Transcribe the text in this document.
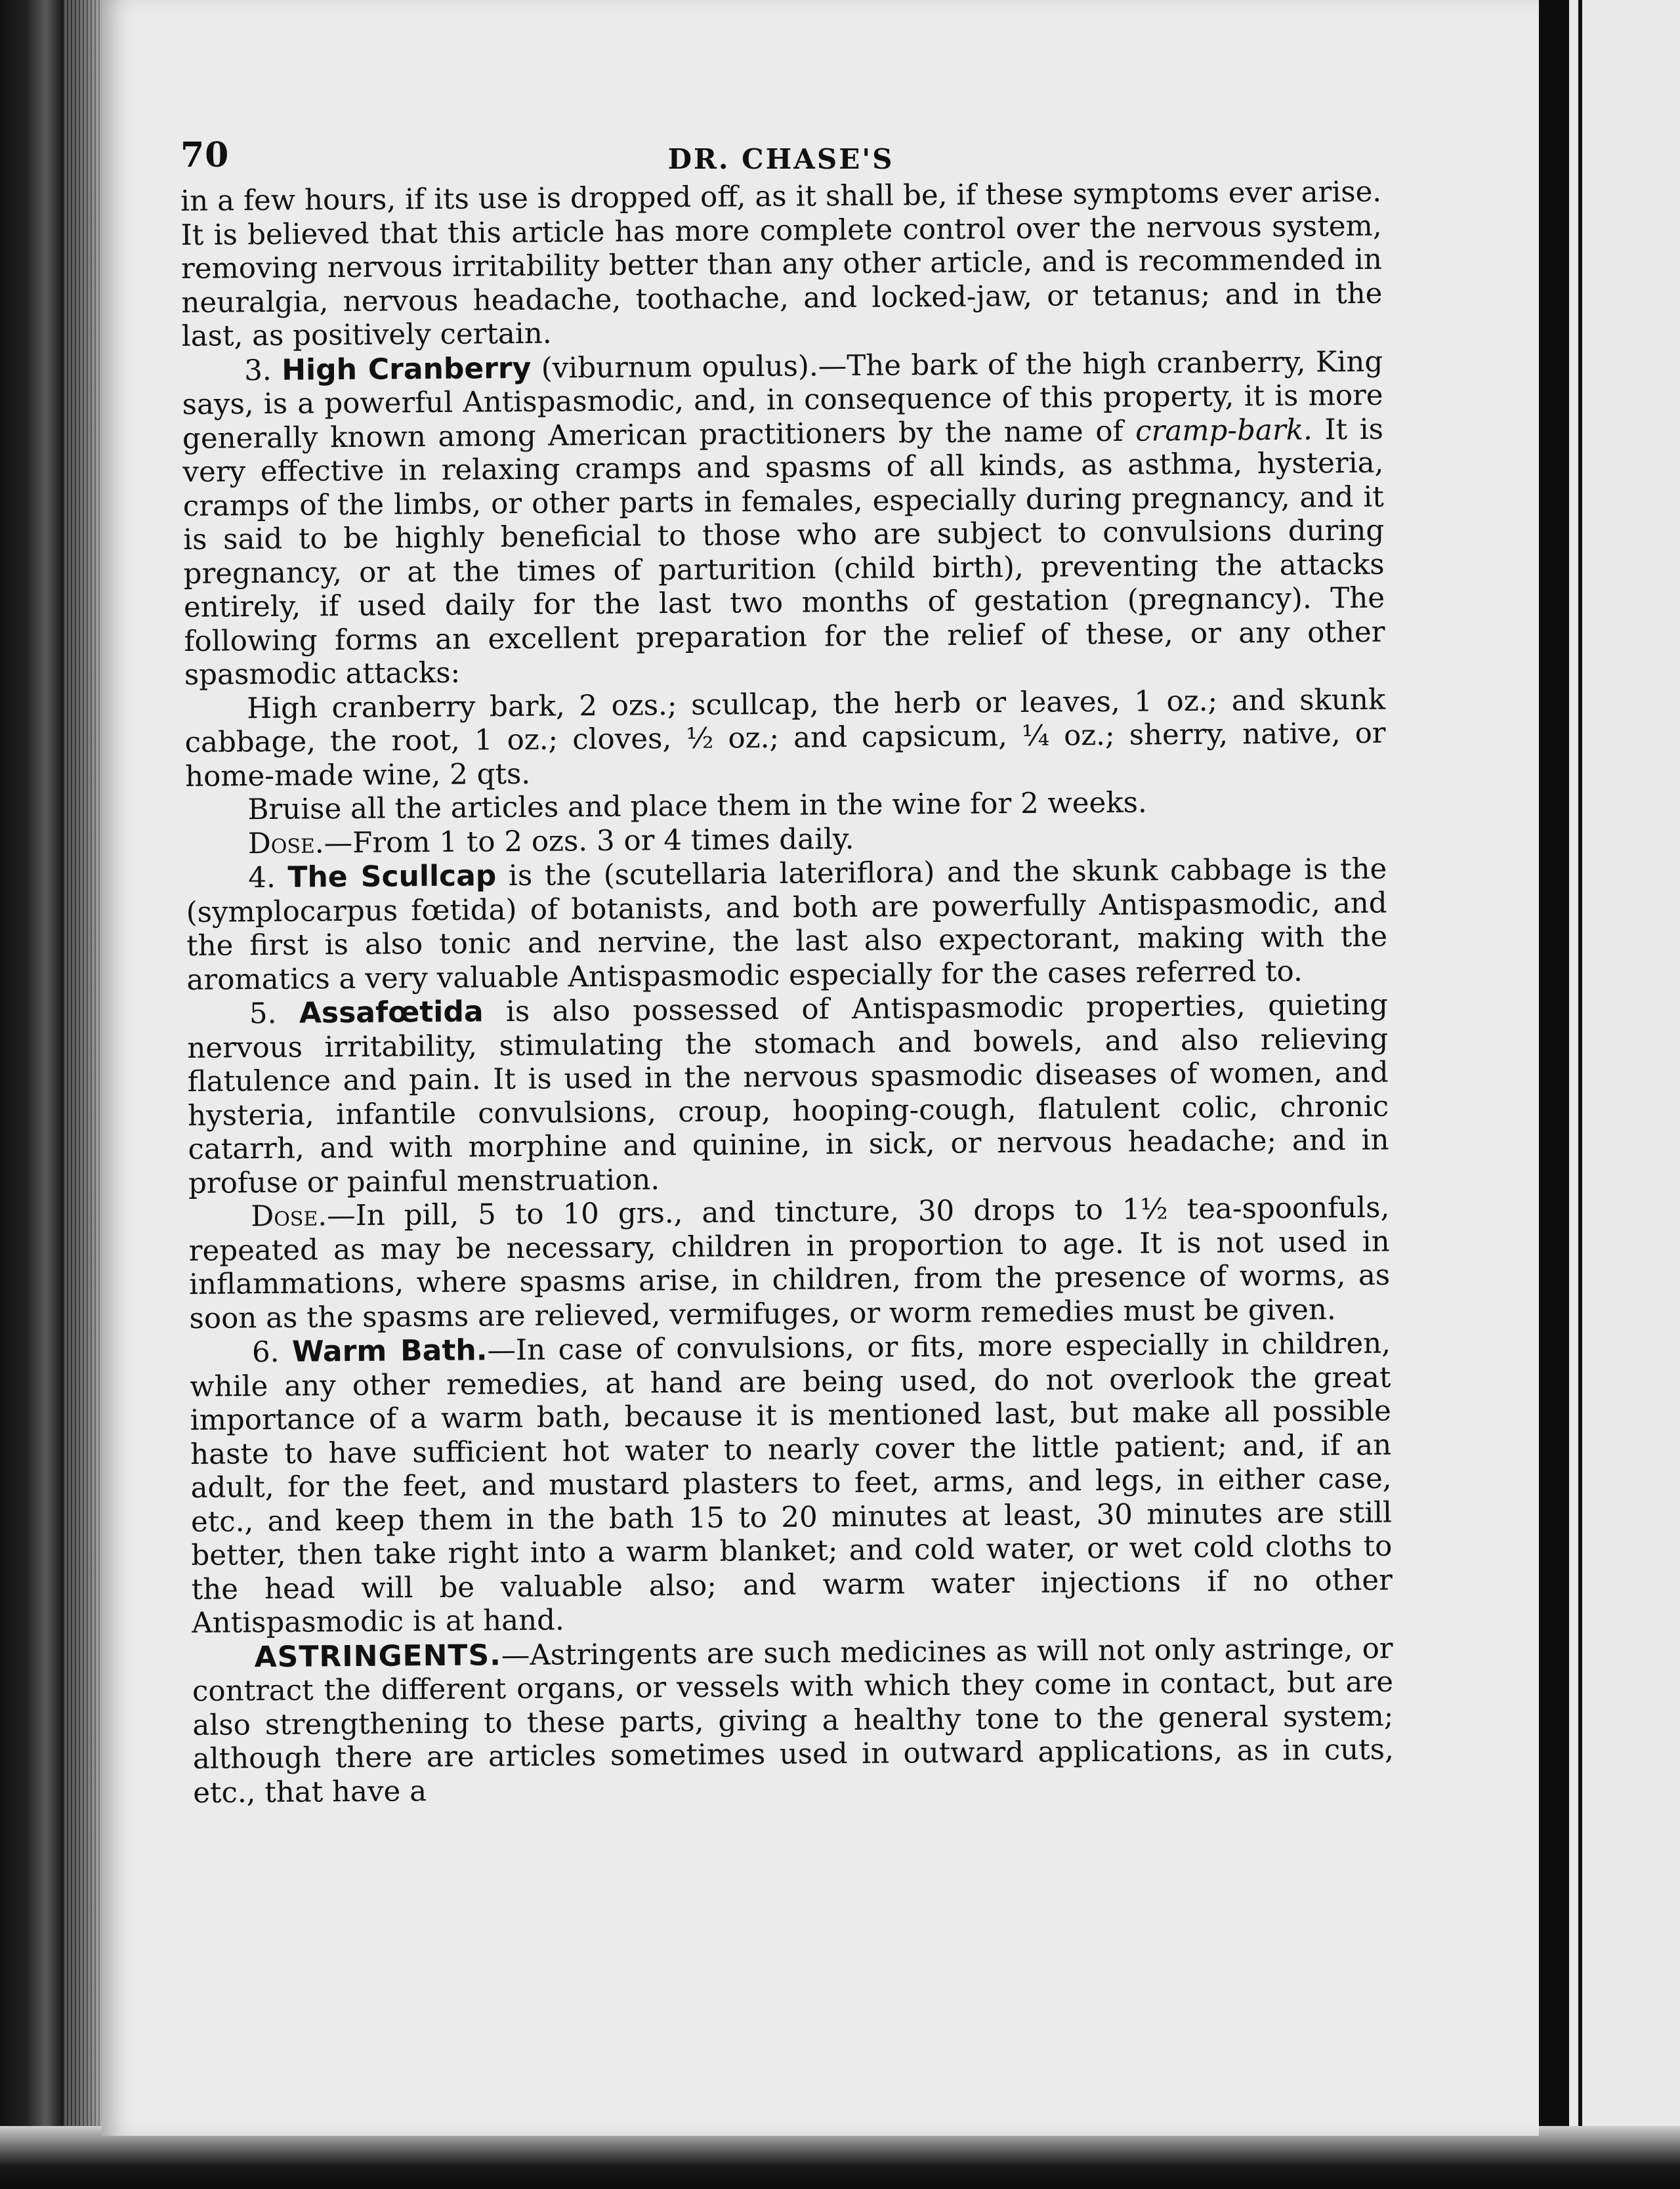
70	DR. CHASE'S

in a few hours, if its use is dropped off, as it shall be, if these symptoms ever arise. It is believed that this article has more complete control over the nervous system, removing nervous irritability better than any other article, and is recommended in neuralgia, nervous headache, toothache, and locked-jaw, or tetanus; and in the last, as positively certain.

3. High Cranberry (viburnum opulus).—The bark of the high cranberry, King says, is a powerful Antispasmodic, and, in consequence of this property, it is more generally known among American practitioners by the name of cramp-bark. It is very effective in relaxing cramps and spasms of all kinds, as asthma, hysteria, cramps of the limbs, or other parts in females, especially during pregnancy, and it is said to be highly beneficial to those who are subject to convulsions during pregnancy, or at the times of parturition (child birth), preventing the attacks entirely, if used daily for the last two months of gestation (pregnancy). The following forms an excellent preparation for the relief of these, or any other spasmodic attacks:

High cranberry bark, 2 ozs.; scullcap, the herb or leaves, 1 oz.; and skunk cabbage, the root, 1 oz.; cloves, ½ oz.; and capsicum, ¼ oz.; sherry, native, or home-made wine, 2 qts.

Bruise all the articles and place them in the wine for 2 weeks.

Dose.—From 1 to 2 ozs. 3 or 4 times daily.

4. The Scullcap is the (scutellaria lateriflora) and the skunk cabbage is the (symplocarpus fœtida) of botanists, and both are powerfully Antispasmodic, and the first is also tonic and nervine, the last also expectorant, making with the aromatics a very valuable Antispasmodic especially for the cases referred to.

5. Assafœtida is also possessed of Antispasmodic properties, quieting nervous irritability, stimulating the stomach and bowels, and also relieving flatulence and pain. It is used in the nervous spasmodic diseases of women, and hysteria, infantile convulsions, croup, hooping-cough, flatulent colic, chronic catarrh, and with morphine and quinine, in sick, or nervous headache; and in profuse or painful menstruation.

Dose.—In pill, 5 to 10 grs., and tincture, 30 drops to 1½ tea-spoonfuls, repeated as may be necessary, children in proportion to age. It is not used in inflammations, where spasms arise, in children, from the presence of worms, as soon as the spasms are relieved, vermifuges, or worm remedies must be given.

6. Warm Bath.—In case of convulsions, or fits, more especially in children, while any other remedies, at hand are being used, do not overlook the great importance of a warm bath, because it is mentioned last, but make all possible haste to have sufficient hot water to nearly cover the little patient; and, if an adult, for the feet, and mustard plasters to feet, arms, and legs, in either case, etc., and keep them in the bath 15 to 20 minutes at least, 30 minutes are still better, then take right into a warm blanket; and cold water, or wet cold cloths to the head will be valuable also; and warm water injections if no other Antispasmodic is at hand.

ASTRINGENTS.—Astringents are such medicines as will not only astringe, or contract the different organs, or vessels with which they come in contact, but are also strengthening to these parts, giving a healthy tone to the general system; although there are articles sometimes used in outward applications, as in cuts, etc., that have a
